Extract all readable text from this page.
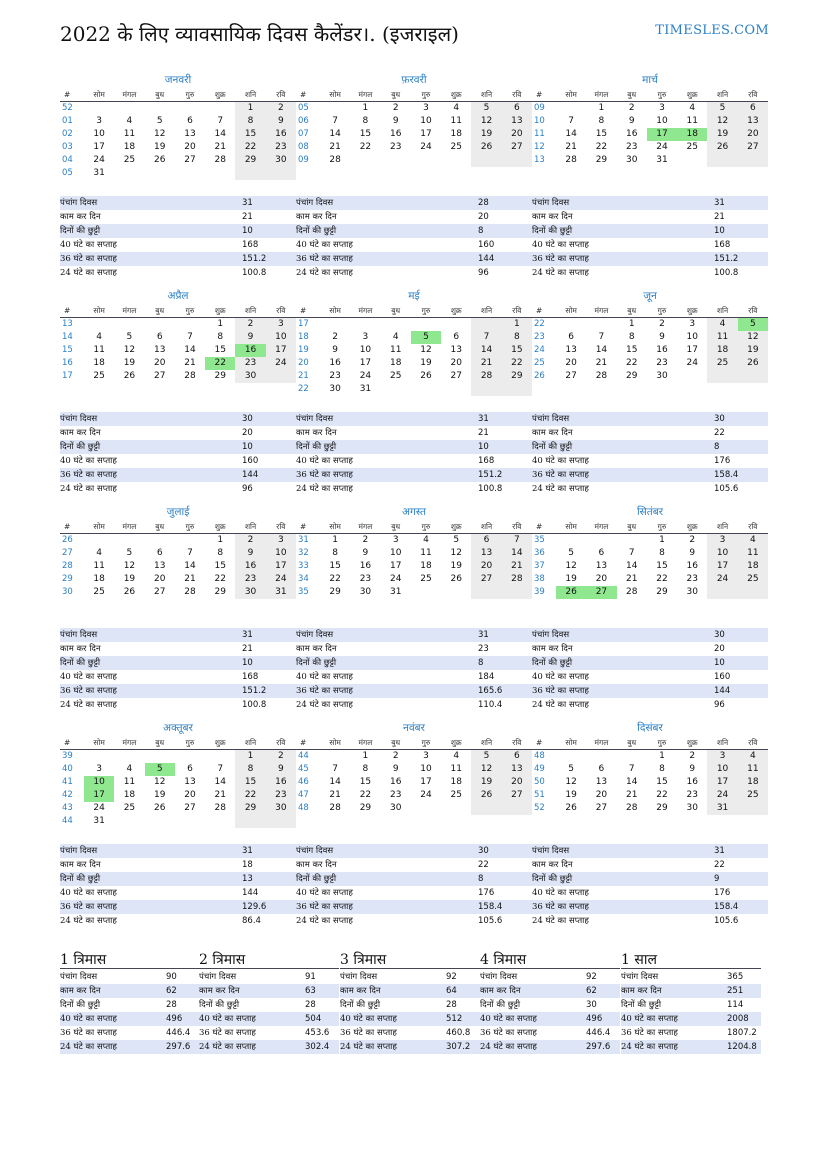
2022 के लिए व्यावसायिक दिवस कैलेंडर।. (इजराइल)	TIMESLES.COM
जनवरी
#	सोम	मंगल	बुध	गुरु	शुक्र	शनि	रवि
52						1	2
01	3	4	5	6	7	8	9
02	10	11	12	13	14	15	16
03	17	18	19	20	21	22	23
04	24	25	26	27	28	29	30
05	31						
पंचांग दिवस	31
काम कर दिन	21
दिनों की छुट्टी	10
40 घंटे का सप्ताह	168
36 घंटे का सप्ताह	151.2
24 घंटे का सप्ताह	100.8
फ़रवरी
#	सोम	मंगल	बुध	गुरु	शुक्र	शनि	रवि
05		1	2	3	4	5	6
06	7	8	9	10	11	12	13
07	14	15	16	17	18	19	20
08	21	22	23	24	25	26	27
09	28						
पंचांग दिवस	28
काम कर दिन	20
दिनों की छुट्टी	8
40 घंटे का सप्ताह	160
36 घंटे का सप्ताह	144
24 घंटे का सप्ताह	96
मार्च
#	सोम	मंगल	बुध	गुरु	शुक्र	शनि	रवि
09		1	2	3	4	5	6
10	7	8	9	10	11	12	13
11	14	15	16	17	18	19	20
12	21	22	23	24	25	26	27
13	28	29	30	31			
पंचांग दिवस	31
काम कर दिन	21
दिनों की छुट्टी	10
40 घंटे का सप्ताह	168
36 घंटे का सप्ताह	151.2
24 घंटे का सप्ताह	100.8
अप्रैल
#	सोम	मंगल	बुध	गुरु	शुक्र	शनि	रवि
13					1	2	3
14	4	5	6	7	8	9	10
15	11	12	13	14	15	16	17
16	18	19	20	21	22	23	24
17	25	26	27	28	29	30	
पंचांग दिवस	30
काम कर दिन	20
दिनों की छुट्टी	10
40 घंटे का सप्ताह	160
36 घंटे का सप्ताह	144
24 घंटे का सप्ताह	96
मई
#	सोम	मंगल	बुध	गुरु	शुक्र	शनि	रवि
17							1
18	2	3	4	5	6	7	8
19	9	10	11	12	13	14	15
20	16	17	18	19	20	21	22
21	23	24	25	26	27	28	29
22	30	31					
पंचांग दिवस	31
काम कर दिन	21
दिनों की छुट्टी	10
40 घंटे का सप्ताह	168
36 घंटे का सप्ताह	151.2
24 घंटे का सप्ताह	100.8
जून
#	सोम	मंगल	बुध	गुरु	शुक्र	शनि	रवि
22			1	2	3	4	5
23	6	7	8	9	10	11	12
24	13	14	15	16	17	18	19
25	20	21	22	23	24	25	26
26	27	28	29	30			
पंचांग दिवस	30
काम कर दिन	22
दिनों की छुट्टी	8
40 घंटे का सप्ताह	176
36 घंटे का सप्ताह	158.4
24 घंटे का सप्ताह	105.6
जुलाई
#	सोम	मंगल	बुध	गुरु	शुक्र	शनि	रवि
26					1	2	3
27	4	5	6	7	8	9	10
28	11	12	13	14	15	16	17
29	18	19	20	21	22	23	24
30	25	26	27	28	29	30	31
पंचांग दिवस	31
काम कर दिन	21
दिनों की छुट्टी	10
40 घंटे का सप्ताह	168
36 घंटे का सप्ताह	151.2
24 घंटे का सप्ताह	100.8
अगस्त
#	सोम	मंगल	बुध	गुरु	शुक्र	शनि	रवि
31	1	2	3	4	5	6	7
32	8	9	10	11	12	13	14
33	15	16	17	18	19	20	21
34	22	23	24	25	26	27	28
35	29	30	31				
पंचांग दिवस	31
काम कर दिन	23
दिनों की छुट्टी	8
40 घंटे का सप्ताह	184
36 घंटे का सप्ताह	165.6
24 घंटे का सप्ताह	110.4
सितंबर
#	सोम	मंगल	बुध	गुरु	शुक्र	शनि	रवि
35				1	2	3	4
36	5	6	7	8	9	10	11
37	12	13	14	15	16	17	18
38	19	20	21	22	23	24	25
39	26	27	28	29	30		
पंचांग दिवस	30
काम कर दिन	20
दिनों की छुट्टी	10
40 घंटे का सप्ताह	160
36 घंटे का सप्ताह	144
24 घंटे का सप्ताह	96
अक्तूबर
#	सोम	मंगल	बुध	गुरु	शुक्र	शनि	रवि
39						1	2
40	3	4	5	6	7	8	9
41	10	11	12	13	14	15	16
42	17	18	19	20	21	22	23
43	24	25	26	27	28	29	30
44	31						
पंचांग दिवस	31
काम कर दिन	18
दिनों की छुट्टी	13
40 घंटे का सप्ताह	144
36 घंटे का सप्ताह	129.6
24 घंटे का सप्ताह	86.4
नवंबर
#	सोम	मंगल	बुध	गुरु	शुक्र	शनि	रवि
44		1	2	3	4	5	6
45	7	8	9	10	11	12	13
46	14	15	16	17	18	19	20
47	21	22	23	24	25	26	27
48	28	29	30				
पंचांग दिवस	30
काम कर दिन	22
दिनों की छुट्टी	8
40 घंटे का सप्ताह	176
36 घंटे का सप्ताह	158.4
24 घंटे का सप्ताह	105.6
दिसंबर
#	सोम	मंगल	बुध	गुरु	शुक्र	शनि	रवि
48				1	2	3	4
49	5	6	7	8	9	10	11
50	12	13	14	15	16	17	18
51	19	20	21	22	23	24	25
52	26	27	28	29	30	31	
पंचांग दिवस	31
काम कर दिन	22
दिनों की छुट्टी	9
40 घंटे का सप्ताह	176
36 घंटे का सप्ताह	158.4
24 घंटे का सप्ताह	105.6
1 त्रिमास
पंचांग दिवस	90
काम कर दिन	62
दिनों की छुट्टी	28
40 घंटे का सप्ताह	496
36 घंटे का सप्ताह	446.4
24 घंटे का सप्ताह	297.6
2 त्रिमास
पंचांग दिवस	91
काम कर दिन	63
दिनों की छुट्टी	28
40 घंटे का सप्ताह	504
36 घंटे का सप्ताह	453.6
24 घंटे का सप्ताह	302.4
3 त्रिमास
पंचांग दिवस	92
काम कर दिन	64
दिनों की छुट्टी	28
40 घंटे का सप्ताह	512
36 घंटे का सप्ताह	460.8
24 घंटे का सप्ताह	307.2
4 त्रिमास
पंचांग दिवस	92
काम कर दिन	62
दिनों की छुट्टी	30
40 घंटे का सप्ताह	496
36 घंटे का सप्ताह	446.4
24 घंटे का सप्ताह	297.6
1 साल
पंचांग दिवस	365
काम कर दिन	251
दिनों की छुट्टी	114
40 घंटे का सप्ताह	2008
36 घंटे का सप्ताह	1807.2
24 घंटे का सप्ताह	1204.8
